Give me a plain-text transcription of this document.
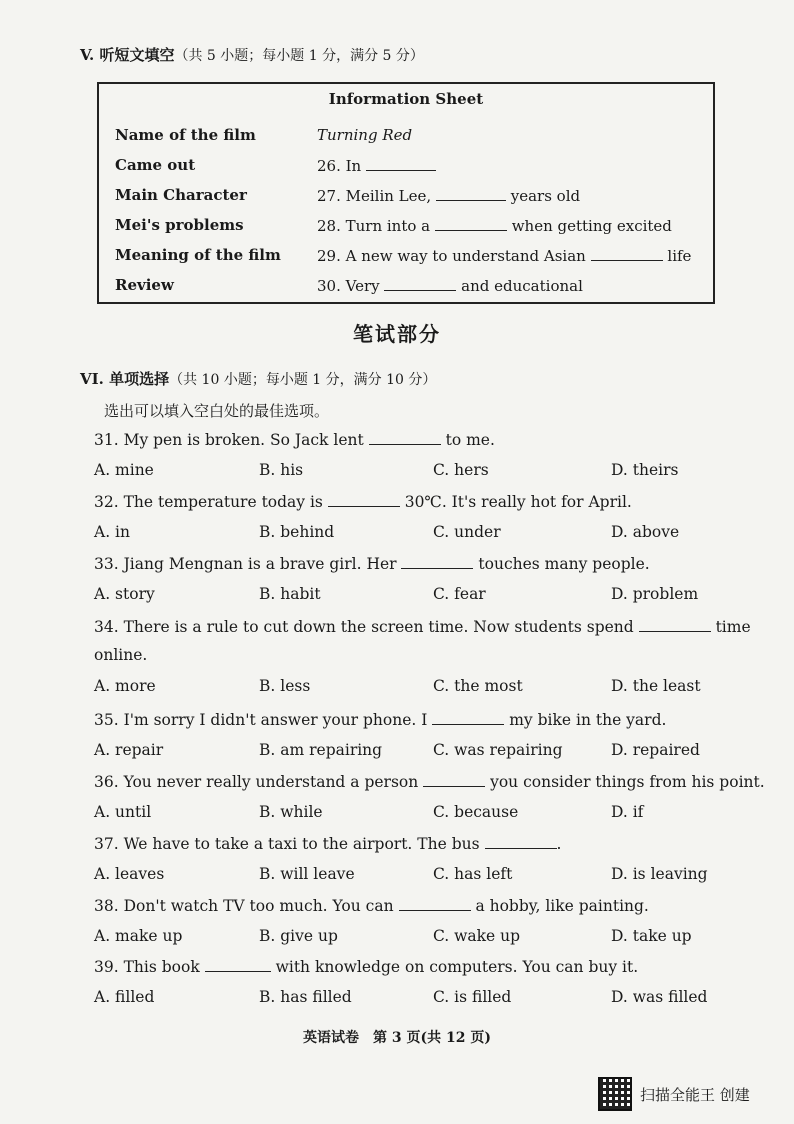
V. 听短文填空（共 5 小题；每小题 1 分，满分 5 分）
Information Sheet
Name of the film	Turning Red
Came out	26. In
Main Character	27. Meilin Lee,	years old
Mei's problems	28. Turn into a	when getting excited
Meaning of the film 29. A new way to understand Asian	life
Review	30. Very	and educational
笔试部分
VI. 单项选择（共 10 小题；每小题 1 分，满分 10 分）
选出可以填入空白处的最佳选项。
31. My pen is broken. So Jack lent	to me.
A. mine	B. his	C. hers	D. theirs
32. The temperature today is	30℃. It's really hot for April.
A. in	B. behind	C. under	D. above
33. Jiang Mengnan is a brave girl. Her	touches many people.
A. story	B. habit	C. fear	D. problem
34. There is a rule to cut down the screen time. Now students spend	time
online.
A. more	B. less	C. the most	D. the least
35. I'm sorry I didn't answer your phone. I	my bike in the yard.
A. repair	B. am repairing	C. was repairing	D. repaired
36. You never really understand a person	you consider things from his point.
A. until	B. while	C. because	D. if
37. We have to take a taxi to the airport. The bus	.
A. leaves	B. will leave	C. has left	D. is leaving
38. Don't watch TV too much. You can	a hobby, like painting.
A. make up	B. give up	C. wake up	D. take up
39. This book	with knowledge on computers. You can buy it.
A. filled	B. has filled	C. is filled	D. was filled
英语试卷　第 3 页(共 12 页)
扫描全能王 创建
